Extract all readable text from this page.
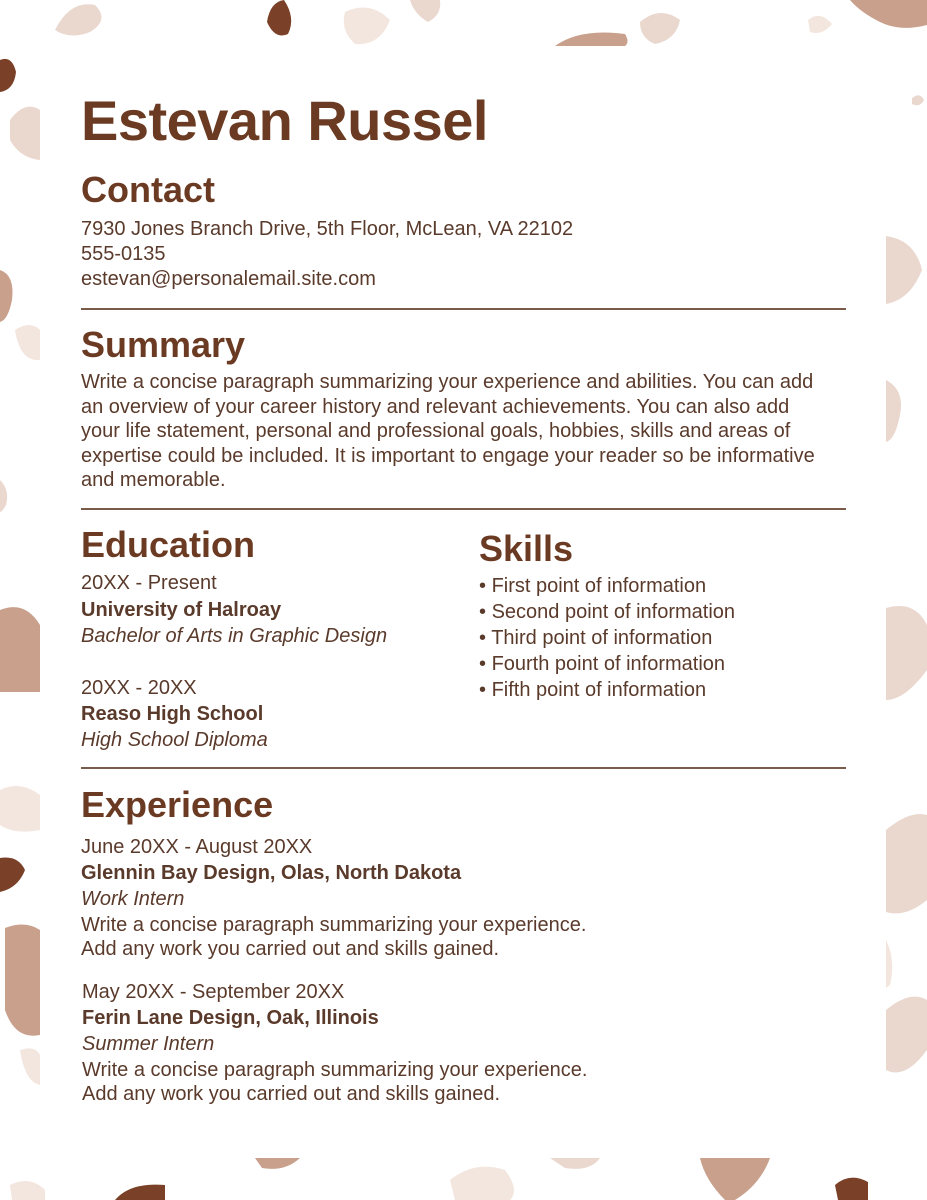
Estevan Russel
Contact
7930 Jones Branch Drive, 5th Floor, McLean, VA 22102
555-0135
estevan@personalemail.site.com
Summary

Write a concise paragraph summarizing your experience and abilities. You can add an overview of your career history and relevant achievements. You can also add your life statement, personal and professional goals, hobbies, skills and areas of expertise could be included. It is important to engage your reader so be informative and memorable.

Education
20XX - Present
University of Halroay
Bachelor of Arts in Graphic Design
20XX - 20XX
Reaso High School
High School Diploma
Skills
• First point of information
• Second point of information
• Third point of information
• Fourth point of information
• Fifth point of information
Experience
June 20XX - August 20XX
Glennin Bay Design, Olas, North Dakota
Work Intern
Write a concise paragraph summarizing your experience.
Add any work you carried out and skills gained.
May 20XX - September 20XX
Ferin Lane Design, Oak, Illinois
Summer Intern
Write a concise paragraph summarizing your experience.
Add any work you carried out and skills gained.
